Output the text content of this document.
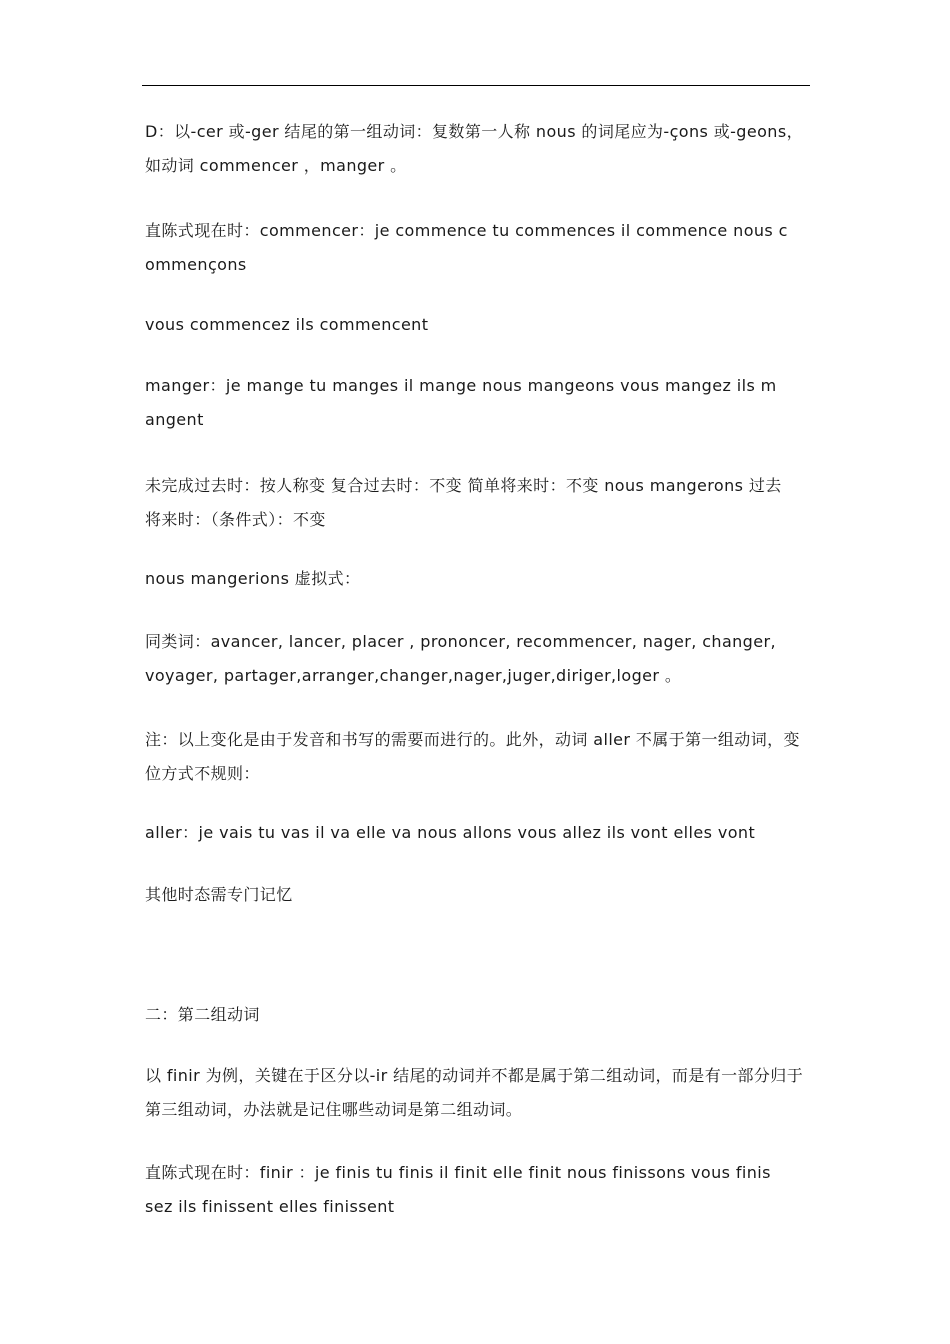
D：以-cer 或-ger 结尾的第一组动词：复数第一人称 nous 的词尾应为-çons 或-geons，
如动词 commencer ，manger 。
直陈式现在时：commencer：je commence tu commences il commence nous c
ommençons
vous commencez ils commencent
manger：je mange tu manges il mange nous mangeons vous mangez ils m
angent
未完成过去时：按人称变 复合过去时：不变 简单将来时：不变 nous mangerons 过去
将来时：（条件式）：不变
nous mangerions 虚拟式：
同类词：avancer, lancer, placer , prononcer, recommencer, nager, changer,
voyager, partager,arranger,changer,nager,juger,diriger,loger 。
注：以上变化是由于发音和书写的需要而进行的。此外，动词 aller 不属于第一组动词，变
位方式不规则：
aller：je vais tu vas il va elle va nous allons vous allez ils vont elles vont
其他时态需专门记忆
二：第二组动词
以 finir 为例，关键在于区分以-ir 结尾的动词并不都是属于第二组动词，而是有一部分归于
第三组动词，办法就是记住哪些动词是第二组动词。
直陈式现在时：finir ：je finis tu finis il finit elle finit nous finissons vous finis
sez ils finissent elles finissent
